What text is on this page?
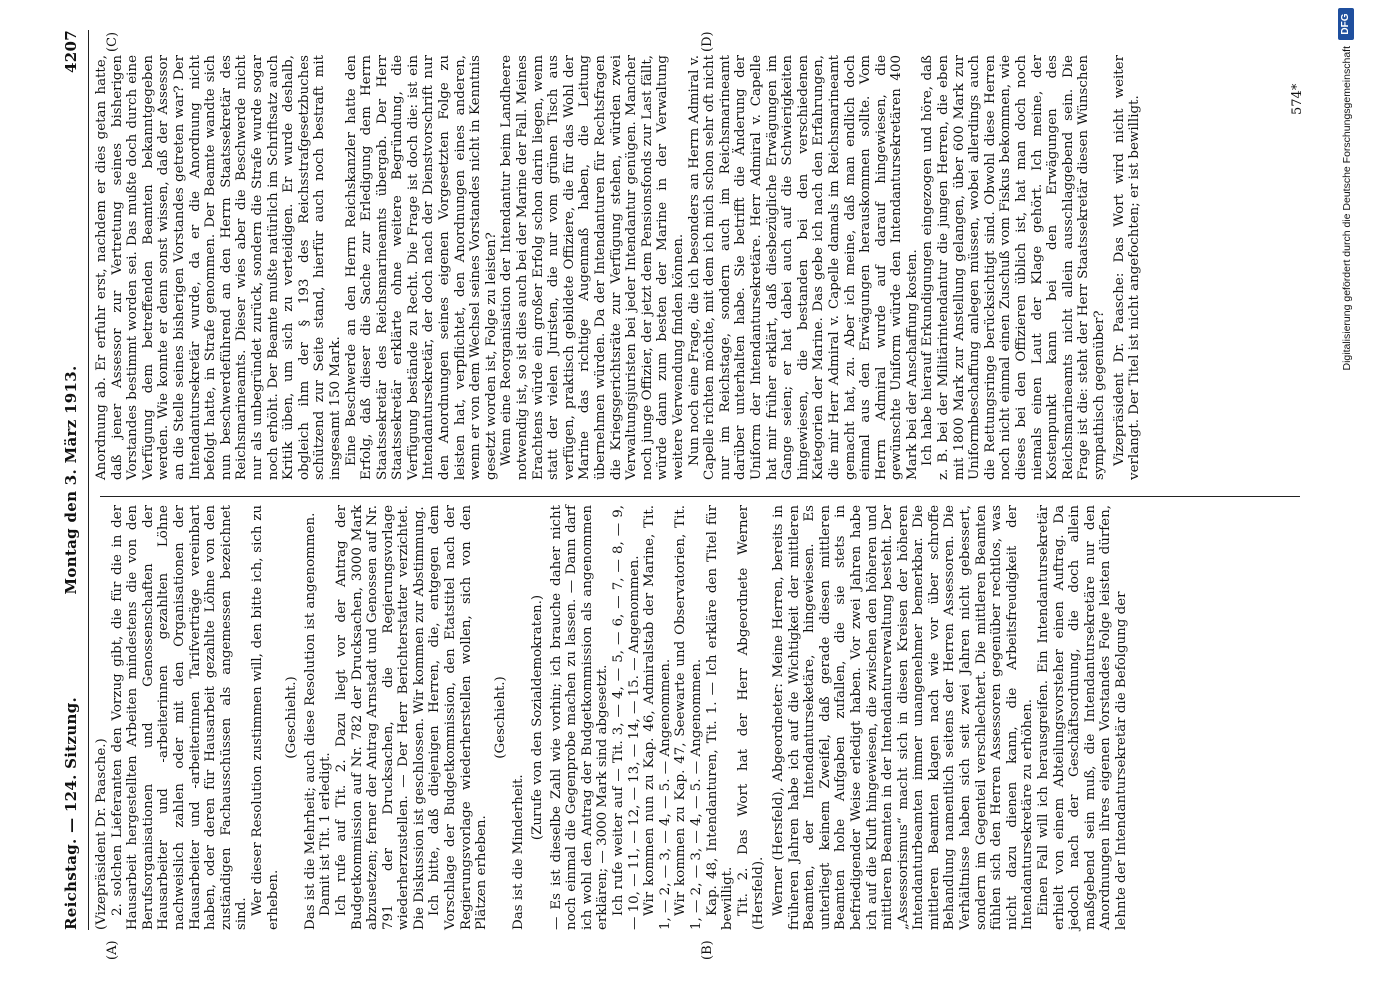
Reichstag. — 124. Sitzung.
Montag den 3. März 1913.
4207

(Vizepräsident Dr. Paasche.) 2. solchen Lieferanten den Vorzug gibt, die für die in der Hausarbeit hergestellten Arbeiten mindestens die von den Berufsorganisationen und Genossenschaften der Hausarbeiter und -arbeiterinnen gezahlten Löhne nachweislich zahlen oder mit den Organisationen der Hausarbeiter und -arbeiterinnen Tarifverträge vereinbart haben, oder deren für Hausarbeit gezahlte Löhne von den zuständigen Fachausschüssen als angemessen bezeichnet sind. Wer dieser Resolution zustimmen will, den bitte ich, sich zu erheben.

(Geschieht.) Das ist die Mehrheit; auch diese Resolution ist angenommen. Damit ist Tit. 1 erledigt. Ich rufe auf Tit. 2. Dazu liegt vor der Antrag der Budgetkommission auf Nr. 782 der Drucksachen, 3000 Mark abzusetzen; ferner der Antrag Arnstadt und Genossen auf Nr. 791 der Drucksachen, die Regierungsvorlage wiederherzustellen. — Der Herr Berichterstatter verzichtet. Die Diskussion ist geschlossen. Wir kommen zur Abstimmung. Ich bitte, daß diejenigen Herren, die, entgegen dem Vorschlage der Budgetkommission, den Etatstitel nach der Regierungsvorlage wiederherstellen wollen, sich von den Plätzen erheben.

(Geschieht.)

Das ist die Minderheit.

(Zurufe von den Sozialdemokraten.) — Es ist dieselbe Zahl wie vorhin; ich brauche daher nicht noch einmal die Gegenprobe machen zu lassen. — Dann darf ich wohl den Antrag der Budgetkommission als angenommen erklären; — 3000 Mark sind abgesetzt. Ich rufe weiter auf — Tit. 3, — 4, — 5, — 6, — 7, — 8, — 9, — 10, — 11, — 12, — 13, — 14, — 15. — Angenommen. Wir kommen nun zu Kap. 46, Admiralstab der Marine, Tit. 1, — 2, — 3, — 4, — 5. — Angenommen. Wir kommen zu Kap. 47, Seewarte und Observatorien, Tit. 1, — 2, — 3, — 4, — 5. — Angenommen. Kap. 48, Intendanturen, Tit. 1. — Ich erkläre den Titel für bewilligt. Tit. 2. Das Wort hat der Herr Abgeordnete Werner (Hersfeld). Werner (Hersfeld), Abgeordneter: Meine Herren, bereits in früheren Jahren habe ich auf die Wichtigkeit der mittleren Beamten, der Intendanturseketäre, hingewiesen. Es unterliegt keinem Zweifel, daß gerade diesen mittleren Beamten hohe Aufgaben zufallen, die sie stets in befriedigender Weise erledigt haben. Vor zwei Jahren habe ich auf die Kluft hingewiesen, die zwischen den höheren und mittleren Beamten in der Intendanturverwaltung besteht. Der „Assessorismus“ macht sich in diesen Kreisen der höheren Intendanturbeamten immer unangenehmer bemerkbar. Die mittleren Beamten klagen nach wie vor über schroffe Behandlung namentlich seitens der Herren Assessoren. Die Verhältnisse haben sich seit zwei Jahren nicht gebessert, sondern im Gegenteil verschlechtert. Die mittleren Beamten fühlen sich den Herren Assessoren gegenüber rechtlos, was nicht dazu dienen kann, die Arbeitsfreudigkeit der Intendantursekretäre zu erhöhen. Einen Fall will ich herausgreifen. Ein Intendantursekretär erhielt von einem Abteilungsvorsteher einen Auftrag. Da jedoch nach der Geschäftsordnung, die doch allein maßgebend sein muß, die Intendantursekretäre nur den Anordnungen ihres eigenen Vorstandes Folge leisten dürfen, lehnte der Intendantursekretär die Befolgung der

Anordnung ab. Er erfuhr erst, nachdem er dies getan hatte, daß jener Assessor zur Vertretung seines bisherigen Vorstandes bestimmt worden sei. Das mußte doch durch eine Verfügung dem betreffenden Beamten bekanntgegeben werden. Wie konnte er denn sonst wissen, daß der Assessor an die Stelle seines bisherigen Vorstandes getreten war? Der Intendantursekretär wurde, da er die Anordnung nicht befolgt hatte, in Strafe genommen. Der Beamte wandte sich nun beschwerdeführend an den Herrn Staatssekretär des Reichsmarineamts. Dieser wies aber die Beschwerde nicht nur als unbegründet zurück, sondern die Strafe wurde sogar noch erhöht. Der Beamte mußte natürlich im Schriftsatz auch Kritik üben, um sich zu verteidigen. Er wurde deshalb, obgleich ihm der § 193 des Reichsstrafgesetzbuches schützend zur Seite stand, hierfür auch noch bestraft mit insgesamt 150 Mark. Eine Beschwerde an den Herrn Reichskanzler hatte den Erfolg, daß dieser die Sache zur Erledigung dem Herrn Staatssekretär des Reichsmarineamts übergab. Der Herr Staatssekretär erklärte ohne weitere Begründung, die Verfügung bestände zu Recht. Die Frage ist doch die: ist ein Intendantursekretär, der doch nach der Dienstvorschrift nur den Anordnungen seines eigenen Vorgesetzten Folge zu leisten hat, verpflichtet, den Anordnungen eines anderen, wenn er von dem Wechsel seines Vorstandes nicht in Kenntnis gesetzt worden ist, Folge zu leisten? Wenn eine Reorganisation der Intendantur beim Landheere notwendig ist, so ist dies auch bei der Marine der Fall. Meines Erachtens würde ein großer Erfolg schon darin liegen, wenn statt der vielen Juristen, die nur vom grünen Tisch aus verfügen, praktisch gebildete Offiziere, die für das Wohl der Marine das richtige Augenmaß haben, die Leitung übernehmen würden. Da der Intendanturen für Rechtsfragen die Kriegsgerichtsräte zur Verfügung stehen, würden zwei Verwaltungsjuristen bei jeder Intendantur genügen. Mancher noch junge Offizier, der jetzt dem Pensionsfonds zur Last fällt, würde dann zum besten der Marine in der Verwaltung weitere Verwendung finden können. Nun noch eine Frage, die ich besonders an Herrn Admiral v. Capelle richten möchte, mit dem ich mich schon sehr oft nicht nur im Reichstage, sondern auch im Reichsmarineamt darüber unterhalten habe. Sie betrifft die Änderung der Uniform der Intendantursekretäre. Herr Admiral v. Capelle hat mir früher erklärt, daß diesbezügliche Erwägungen im Gange seien; er hat dabei auch auf die Schwierigkeiten hingewiesen, die bestanden bei den verschiedenen Kategorien der Marine. Das gebe ich nach den Erfahrungen, die mir Herr Admiral v. Capelle damals im Reichsmarineamt gemacht hat, zu. Aber ich meine, daß man endlich doch einmal aus den Erwägungen herauskommen sollte. Vom Herrn Admiral wurde auf darauf hingewiesen, die gewünschte Uniform würde den Intendantursekretären 400 Mark bei der Anschaffung kosten. Ich habe hierauf Erkundigungen eingezogen und höre, daß z. B. bei der Militärintendantur die jungen Herren, die eben mit 1800 Mark zur Anstellung gelangen, über 600 Mark zur Uniformbeschaffung anlegen müssen, wobei allerdings auch die Rettungsringe berücksichtigt sind. Obwohl diese Herren noch nicht einmal einen Zuschuß vom Fiskus bekommen, wie dieses bei den Offizieren üblich ist, hat man doch noch niemals einen Laut der Klage gehört. Ich meine, der Kostenpunkt kann bei den Erwägungen des Reichsmarineamts nicht allein ausschlaggebend sein. Die Frage ist die: steht der Herr Staatssekretär diesen Wünschen sympathisch gegenüber? Vizepräsident Dr. Paasche: Das Wort wird nicht weiter verlangt. Der Titel ist nicht angefochten; er ist bewilligt.

(A)	(B)
(C)	(D)
574*	Digitalisierung gefördert durch die Deutsche Forschungsgemeinschaft
DFG
